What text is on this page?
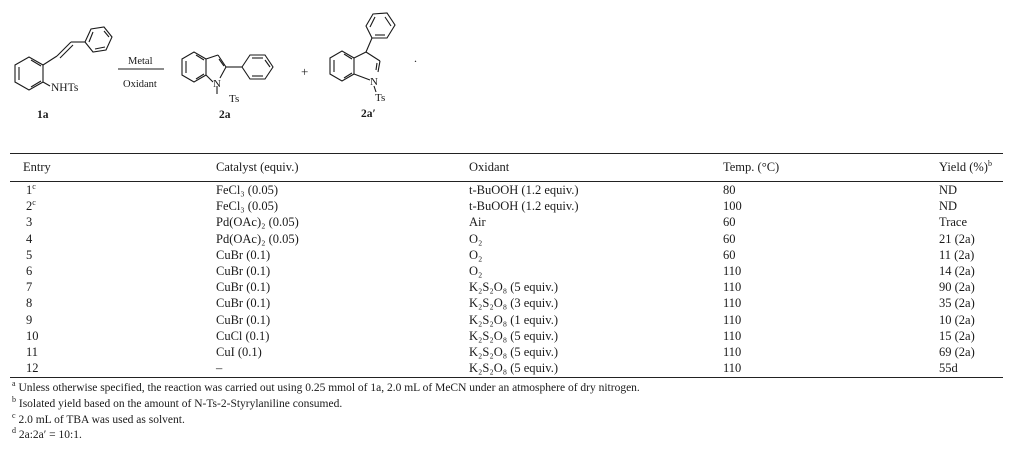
NHTs
1a
Metal
Oxidant	N
Ts
2a
+
N
Ts
2a′
.
Entry	Catalyst (equiv.)	Oxidant	Temp. (°C)	Yield (%)$^b$
1$^c$	FeCl₃ (0.05)	t-BuOOH (1.2 equiv.)	80	ND
2$^c$	FeCl₃ (0.05)	t-BuOOH (1.2 equiv.)	100	ND
3	Pd(OAc)₂ (0.05)	Air	60	Trace
4	Pd(OAc)₂ (0.05)	O₂	60	21 (2a)
5	CuBr (0.1)	O₂	60	11 (2a)
6	CuBr (0.1)	O₂	110	14 (2a)
7	CuBr (0.1)	K₂S₂O₈ (5 equiv.)	110	90 (2a)
8	CuBr (0.1)	K₂S₂O₈ (3 equiv.)	110	35 (2a)
9	CuBr (0.1)	K₂S₂O₈ (1 equiv.)	110	10 (2a)
10	CuCl (0.1)	K₂S₂O₈ (5 equiv.)	110	15 (2a)
11	CuI (0.1)	K₂S₂O₈ (5 equiv.)	110	69 (2a)
12	–	K₂S₂O₈ (5 equiv.)	110	55d
$^a$ Unless otherwise specified, the reaction was carried out using 0.25 mmol of 1a, 2.0 mL of MeCN under an atmosphere of dry nitrogen.
$^b$ Isolated yield based on the amount of N-Ts-2-Styrylaniline consumed.
$^c$ 2.0 mL of TBA was used as solvent.
$^d$ 2a:2a′ = 10:1.
